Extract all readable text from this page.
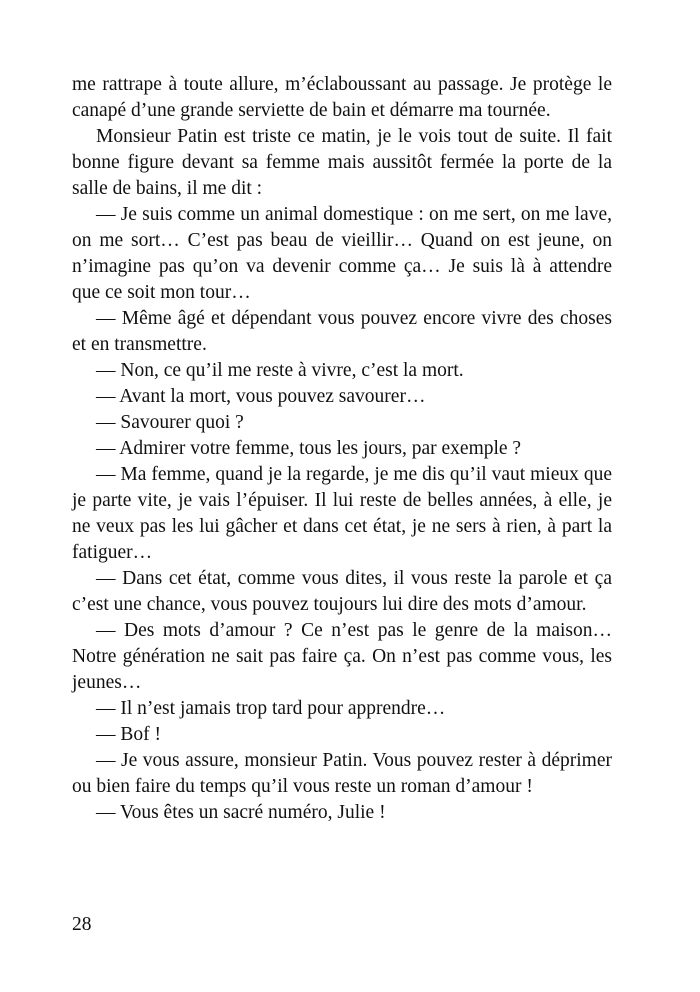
me rattrape à toute allure, m’éclaboussant au passage. Je protège le canapé d’une grande serviette de bain et démarre ma tournée.

Monsieur Patin est triste ce matin, je le vois tout de suite. Il fait bonne figure devant sa femme mais aussitôt fermée la porte de la salle de bains, il me dit :

— Je suis comme un animal domestique : on me sert, on me lave, on me sort… C’est pas beau de vieillir… Quand on est jeune, on n’imagine pas qu’on va devenir comme ça… Je suis là à attendre que ce soit mon tour…

— Même âgé et dépendant vous pouvez encore vivre des choses et en transmettre.

— Non, ce qu’il me reste à vivre, c’est la mort.

— Avant la mort, vous pouvez savourer…

— Savourer quoi ?

— Admirer votre femme, tous les jours, par exemple ?

— Ma femme, quand je la regarde, je me dis qu’il vaut mieux que je parte vite, je vais l’épuiser. Il lui reste de belles années, à elle, je ne veux pas les lui gâcher et dans cet état, je ne sers à rien, à part la fatiguer…

— Dans cet état, comme vous dites, il vous reste la parole et ça c’est une chance, vous pouvez toujours lui dire des mots d’amour.

— Des mots d’amour ? Ce n’est pas le genre de la maison… Notre génération ne sait pas faire ça. On n’est pas comme vous, les jeunes…

— Il n’est jamais trop tard pour apprendre…

— Bof !

— Je vous assure, monsieur Patin. Vous pouvez rester à déprimer ou bien faire du temps qu’il vous reste un roman d’amour !

— Vous êtes un sacré numéro, Julie !

28
